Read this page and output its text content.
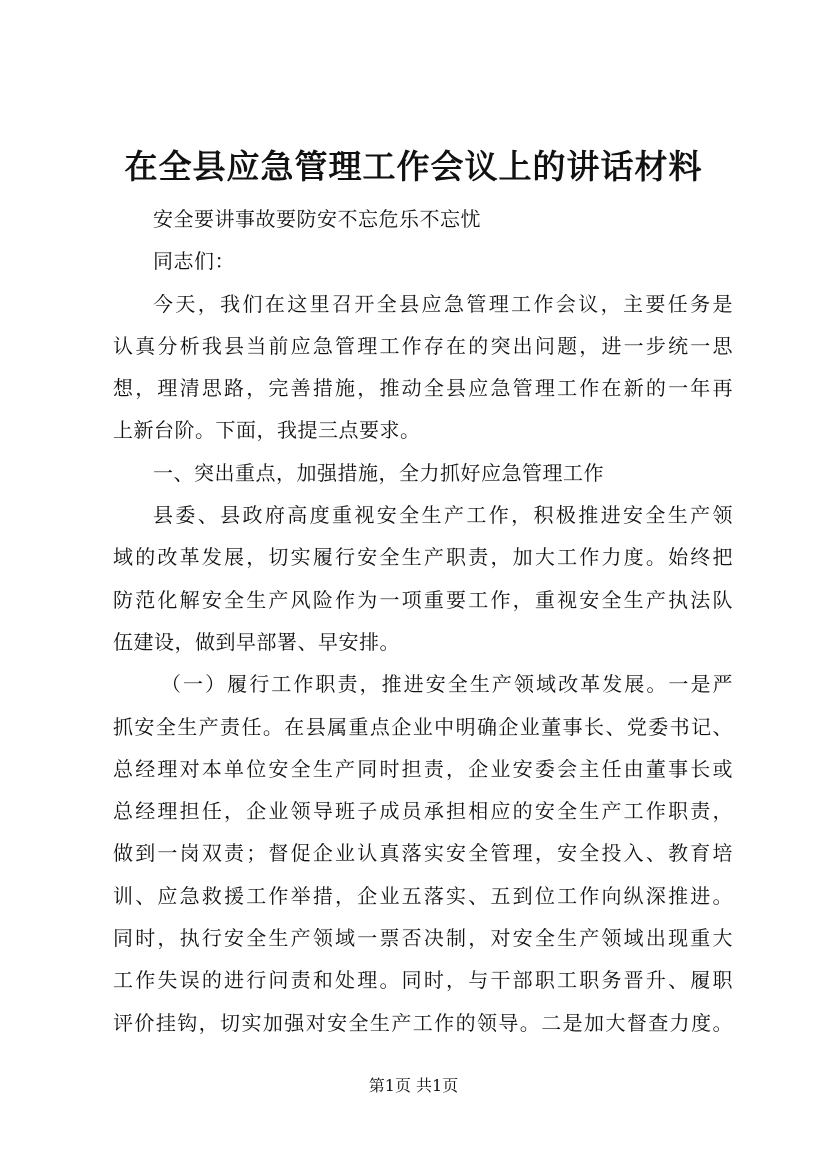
在全县应急管理工作会议上的讲话材料
安全要讲事故要防安不忘危乐不忘忧
同志们：
今天，我们在这里召开全县应急管理工作会议，主要任务是
认真分析我县当前应急管理工作存在的突出问题，进一步统一思
想，理清思路，完善措施，推动全县应急管理工作在新的一年再
上新台阶。下面，我提三点要求。
一、突出重点，加强措施，全力抓好应急管理工作
县委、县政府高度重视安全生产工作，积极推进安全生产领
域的改革发展，切实履行安全生产职责，加大工作力度。始终把
防范化解安全生产风险作为一项重要工作，重视安全生产执法队
伍建设，做到早部署、早安排。
（一）履行工作职责，推进安全生产领域改革发展。一是严
抓安全生产责任。在县属重点企业中明确企业董事长、党委书记、
总经理对本单位安全生产同时担责，企业安委会主任由董事长或
总经理担任，企业领导班子成员承担相应的安全生产工作职责，
做到一岗双责；督促企业认真落实安全管理，安全投入、教育培
训、应急救援工作举措，企业五落实、五到位工作向纵深推进。
同时，执行安全生产领域一票否决制，对安全生产领域出现重大
工作失误的进行问责和处理。同时，与干部职工职务晋升、履职
评价挂钩，切实加强对安全生产工作的领导。二是加大督查力度。
第1页 共1页
